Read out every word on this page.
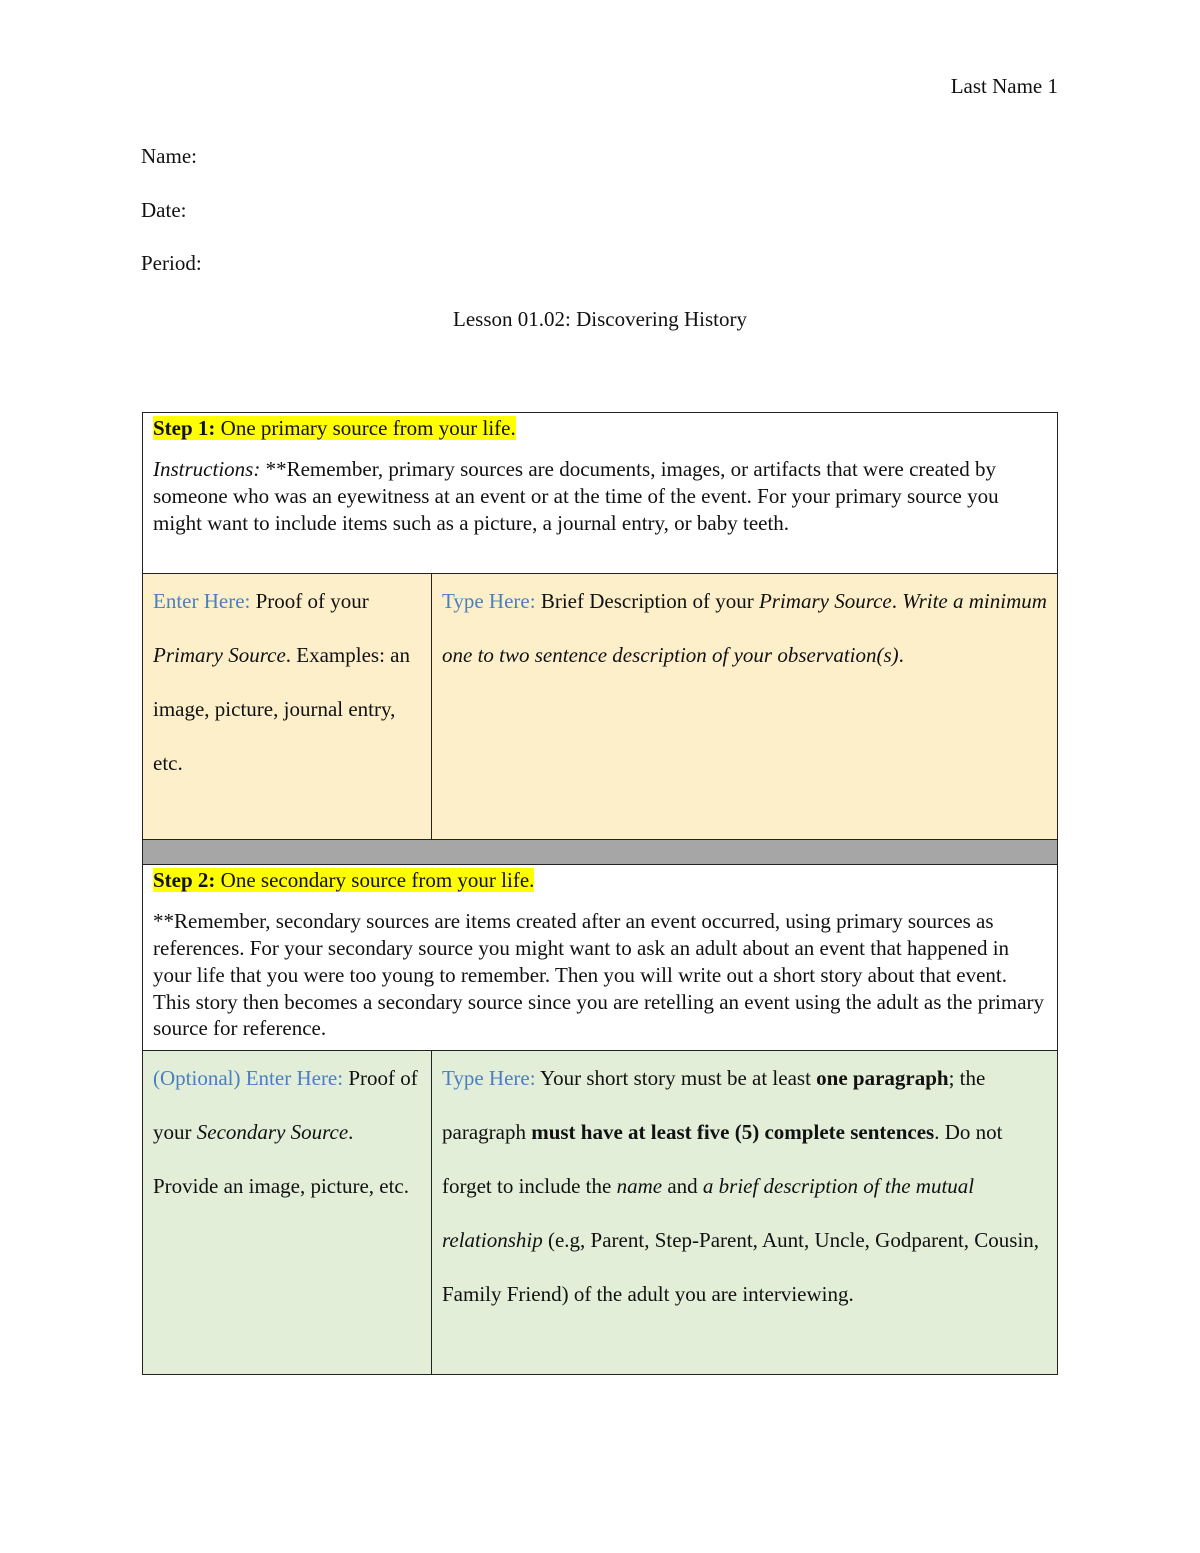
Last Name 1
Name:
Date:
Period:
Lesson 01.02: Discovering History
Step 1: One primary source from your life.
Instructions: **Remember, primary sources are documents, images, or artifacts that were created by someone who was an eyewitness at an event or at the time of the event. For your primary source you might want to include items such as a picture, a journal entry, or baby teeth.	

Enter Here: Proof of your Primary Source. Examples: an image, picture, journal entry, etc.	Type Here: Brief Description of your Primary Source. Write a minimum one to two sentence description of your observation(s).

Step 2: One secondary source from your life.
**Remember, secondary sources are items created after an event occurred, using primary sources as references. For your secondary source you might want to ask an adult about an event that happened in your life that you were too young to remember. Then you will write out a short story about that event. This story then becomes a secondary source since you are retelling an event using the adult as the primary source for reference.	

(Optional) Enter Here: Proof of your Secondary Source. Provide an image, picture, etc.	Type Here: Your short story must be at least one paragraph; the paragraph must have at least five (5) complete sentences. Do not forget to include the name and a brief description of the mutual relationship (e.g, Parent, Step-Parent, Aunt, Uncle, Godparent, Cousin, Family Friend) of the adult you are interviewing.
